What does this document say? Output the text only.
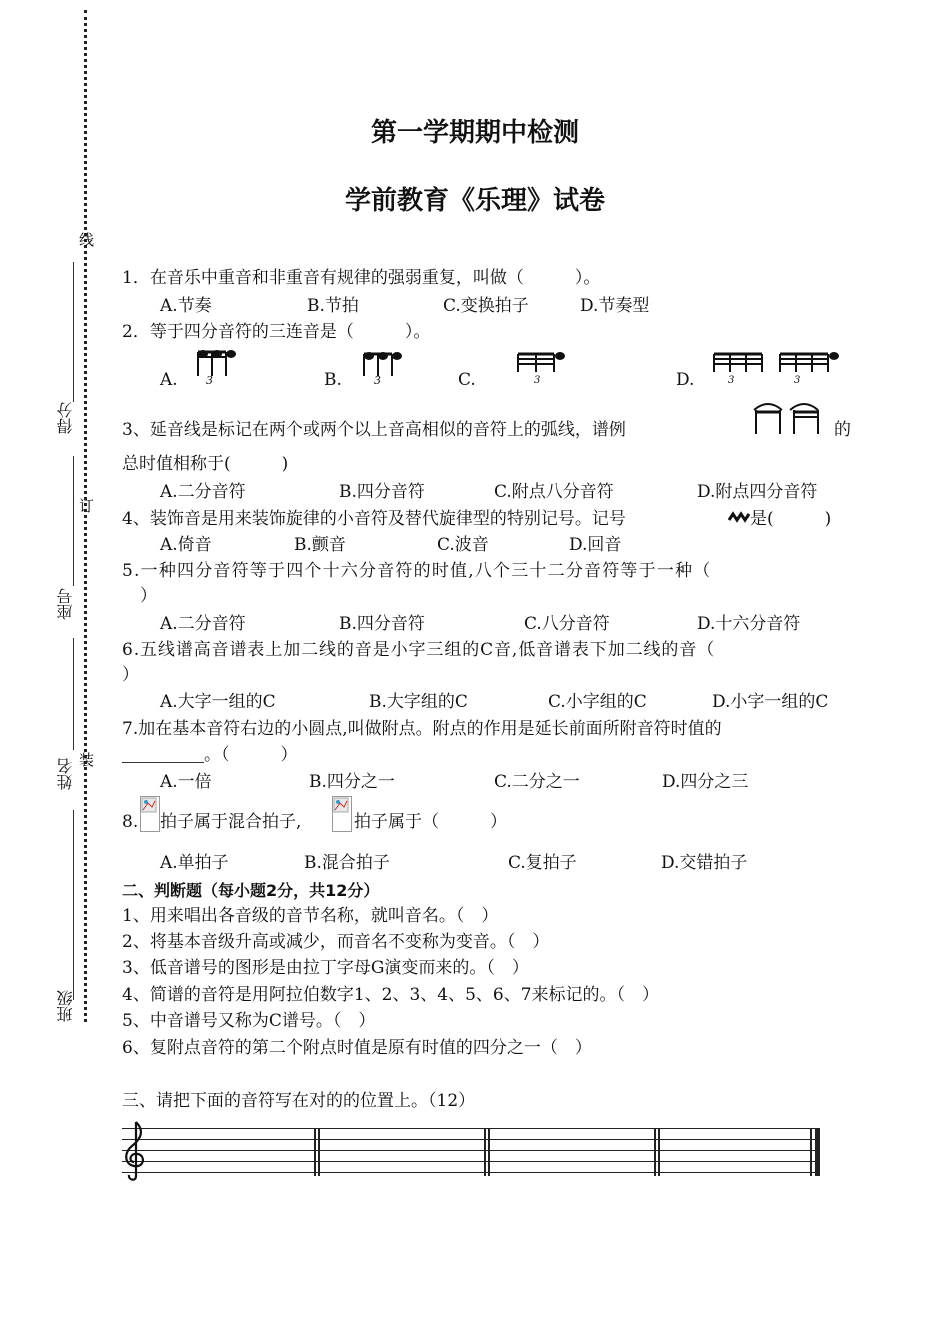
线
得分
订
座号
姓名 装
班级
第一学期期中检测
学前教育《乐理》试卷
1．在音乐中重音和非重音有规律的强弱重复，叫做（　　　）。
A.节奏	B.节拍	C.变换拍子	D.节奏型
2．等于四分音符的三连音是（　　　）。
A.	3	B.	3	C.	3	D.	3	3
3、延音线是标记在两个或两个以上音高相似的音符上的弧线，谱例	的
总时值相称于(　　　)
A.二分音符	B.四分音符	C.附点八分音符	D.附点四分音符
4、装饰音是用来装饰旋律的小音符及替代旋律型的特别记号。记号	是(　　　)
A.倚音	B.颤音	C.波音	D.回音
5.一种四分音符等于四个十六分音符的时值,八个三十二分音符等于一种（
）
A.二分音符	B.四分音符	C.八分音符	D.十六分音符
6.五线谱高音谱表上加二线的音是小字三组的C音,低音谱表下加二线的音（
）
A.大字一组的C	B.大字组的C	C.小字组的C	D.小字一组的C
7.加在基本音符右边的小圆点,叫做附点。附点的作用是延长前面所附音符时值的
。（　　　）
A.一倍	B.四分之一	C.二分之一	D.四分之三
8. 拍子属于混合拍子,	拍子属于（　　　）
A.单拍子	B.混合拍子	C.复拍子	D.交错拍子
二、判断题（每小题2分，共12分）
1、用来唱出各音级的音节名称，就叫音名。（　）
2、将基本音级升高或减少，而音名不变称为变音。（　）
3、低音谱号的图形是由拉丁字母G演变而来的。（　）
4、简谱的音符是用阿拉伯数字1、2、3、4、5、6、7来标记的。（　）
5、中音谱号又称为C谱号。（　）
6、复附点音符的第二个附点时值是原有时值的四分之一（　）
三、请把下面的音符写在对的的位置上。（12）
